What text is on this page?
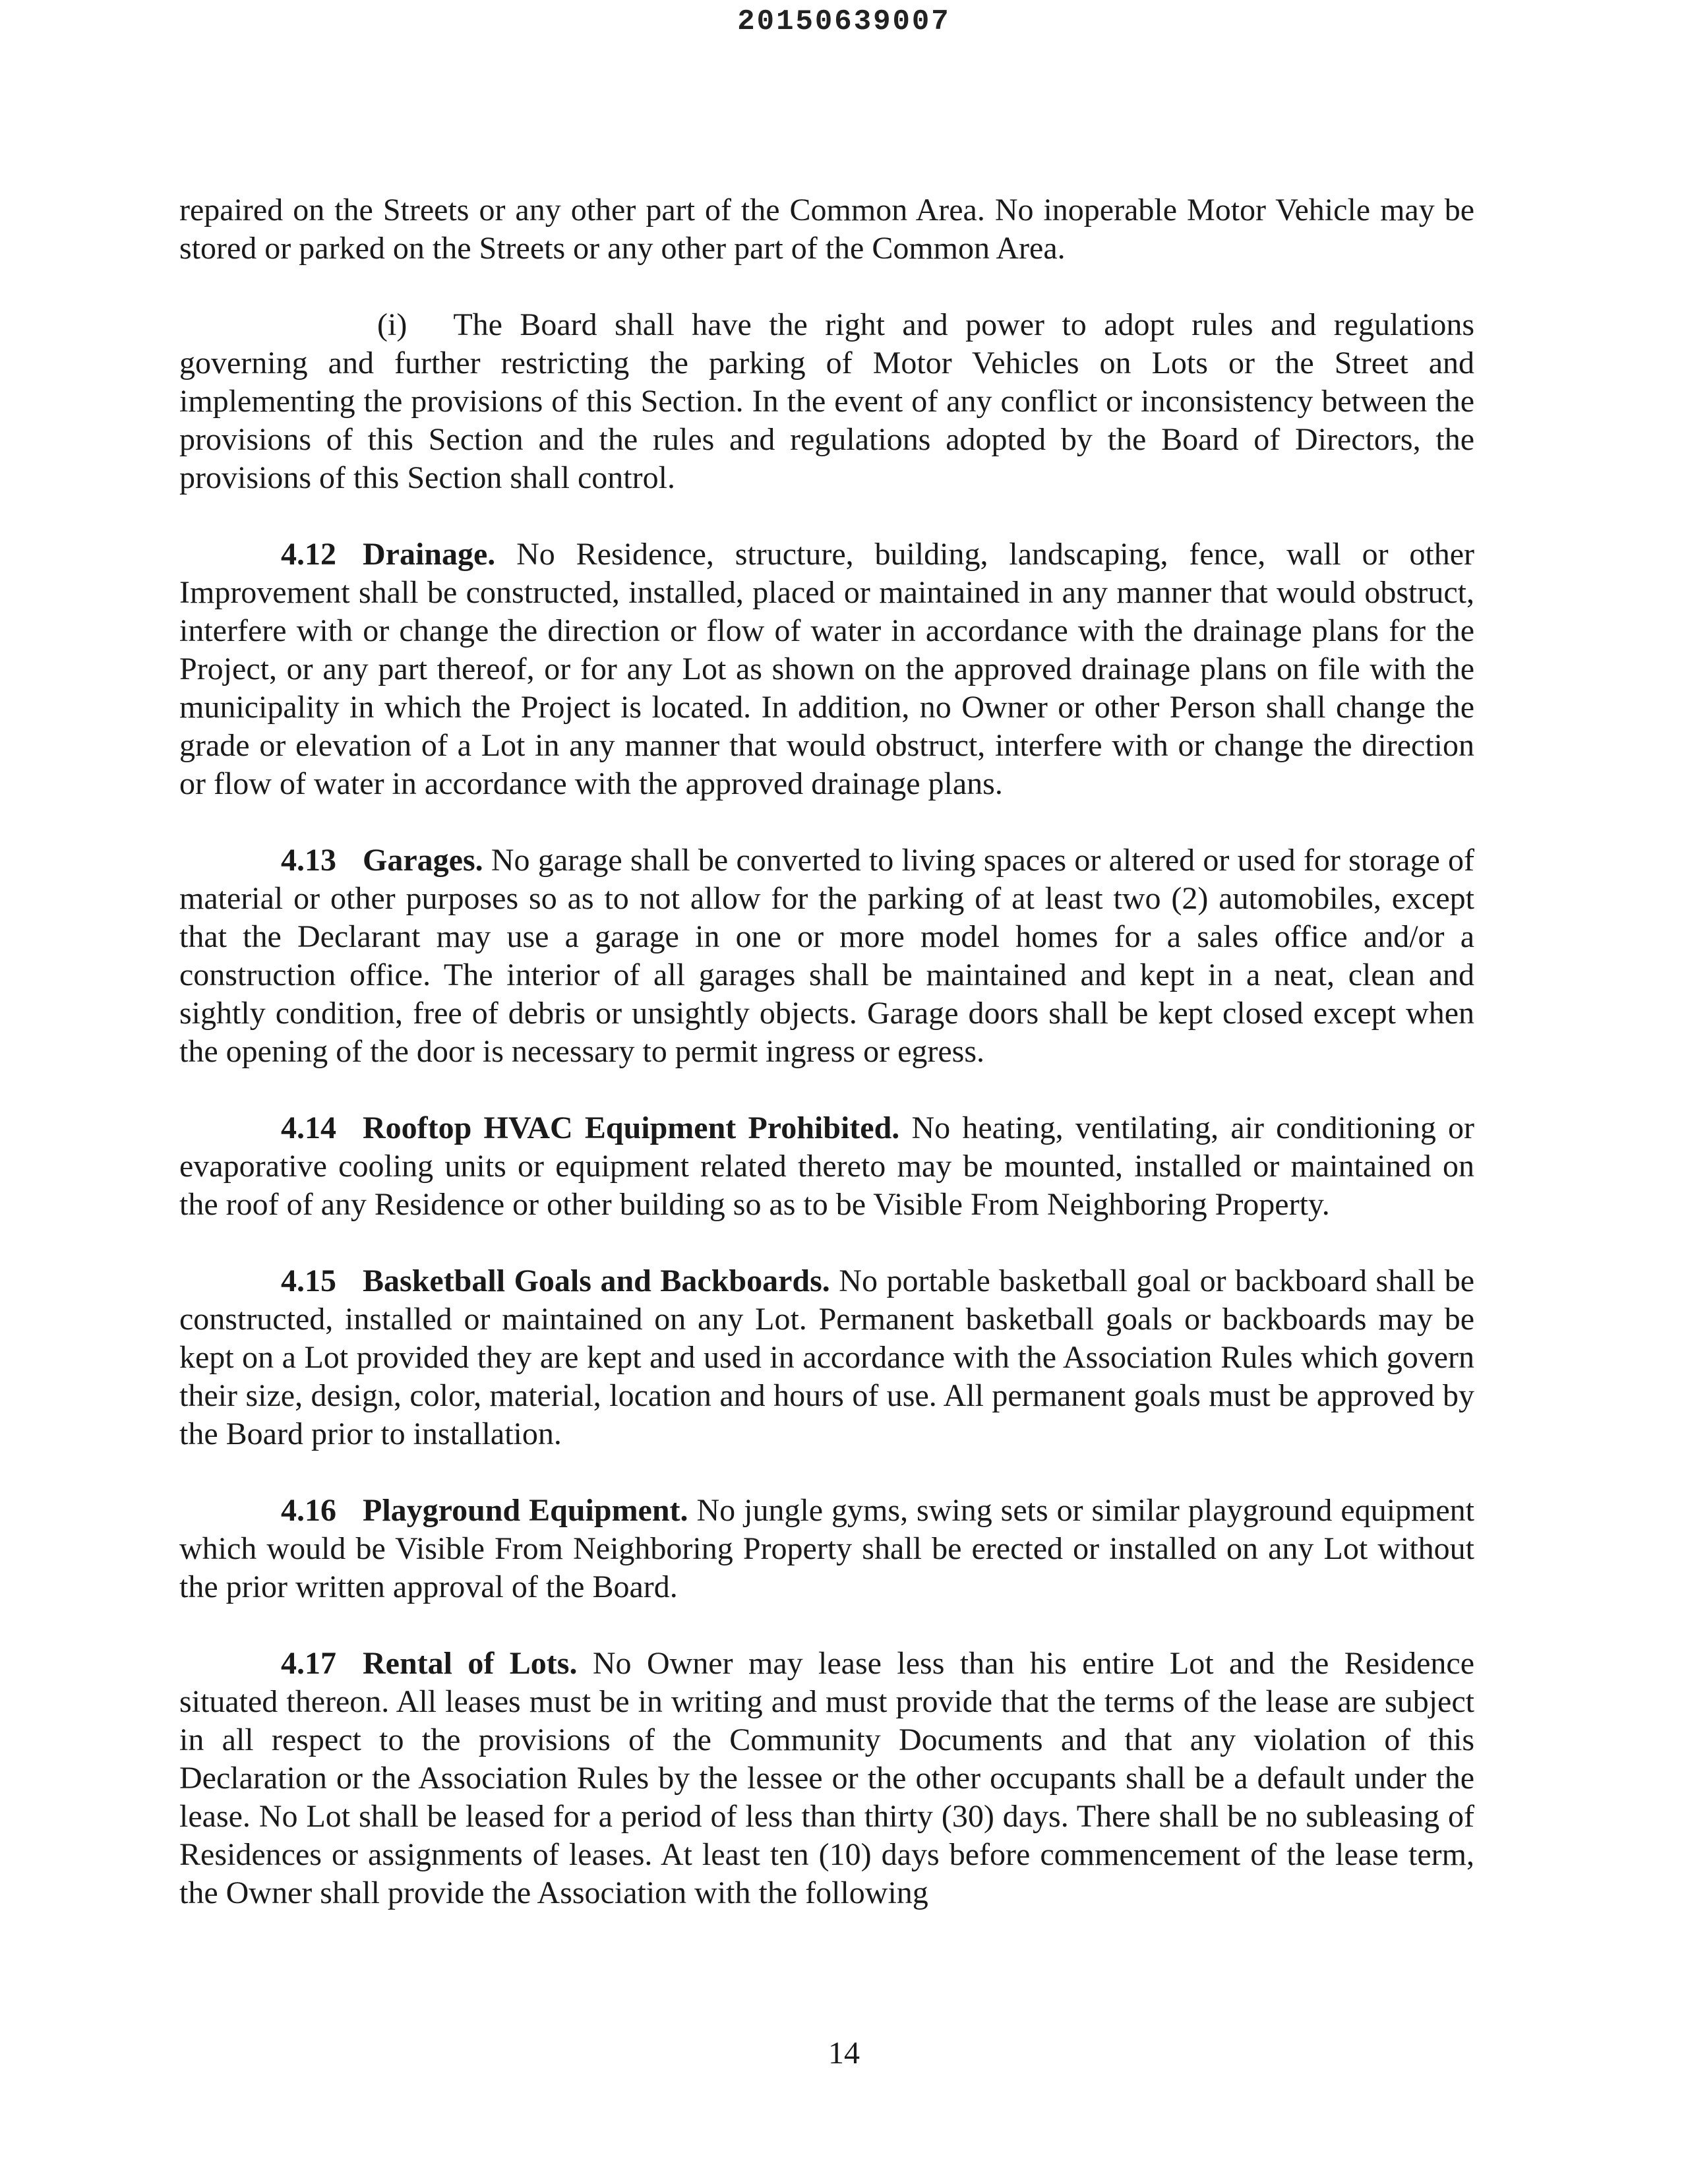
20150639007

repaired on the Streets or any other part of the Common Area. No inoperable Motor Vehicle may be stored or parked on the Streets or any other part of the Common Area.

(i) The Board shall have the right and power to adopt rules and regulations governing and further restricting the parking of Motor Vehicles on Lots or the Street and implementing the provisions of this Section. In the event of any conflict or inconsistency between the provisions of this Section and the rules and regulations adopted by the Board of Directors, the provisions of this Section shall control.

4.12 Drainage. No Residence, structure, building, landscaping, fence, wall or other Improvement shall be constructed, installed, placed or maintained in any manner that would obstruct, interfere with or change the direction or flow of water in accordance with the drainage plans for the Project, or any part thereof, or for any Lot as shown on the approved drainage plans on file with the municipality in which the Project is located. In addition, no Owner or other Person shall change the grade or elevation of a Lot in any manner that would obstruct, interfere with or change the direction or flow of water in accordance with the approved drainage plans.

4.13 Garages. No garage shall be converted to living spaces or altered or used for storage of material or other purposes so as to not allow for the parking of at least two (2) automobiles, except that the Declarant may use a garage in one or more model homes for a sales office and/or a construction office. The interior of all garages shall be maintained and kept in a neat, clean and sightly condition, free of debris or unsightly objects. Garage doors shall be kept closed except when the opening of the door is necessary to permit ingress or egress.

4.14 Rooftop HVAC Equipment Prohibited. No heating, ventilating, air conditioning or evaporative cooling units or equipment related thereto may be mounted, installed or maintained on the roof of any Residence or other building so as to be Visible From Neighboring Property.

4.15 Basketball Goals and Backboards. No portable basketball goal or backboard shall be constructed, installed or maintained on any Lot. Permanent basketball goals or backboards may be kept on a Lot provided they are kept and used in accordance with the Association Rules which govern their size, design, color, material, location and hours of use. All permanent goals must be approved by the Board prior to installation.

4.16 Playground Equipment. No jungle gyms, swing sets or similar playground equipment which would be Visible From Neighboring Property shall be erected or installed on any Lot without the prior written approval of the Board.

4.17 Rental of Lots. No Owner may lease less than his entire Lot and the Residence situated thereon. All leases must be in writing and must provide that the terms of the lease are subject in all respect to the provisions of the Community Documents and that any violation of this Declaration or the Association Rules by the lessee or the other occupants shall be a default under the lease. No Lot shall be leased for a period of less than thirty (30) days. There shall be no subleasing of Residences or assignments of leases. At least ten (10) days before commencement of the lease term, the Owner shall provide the Association with the following

14
